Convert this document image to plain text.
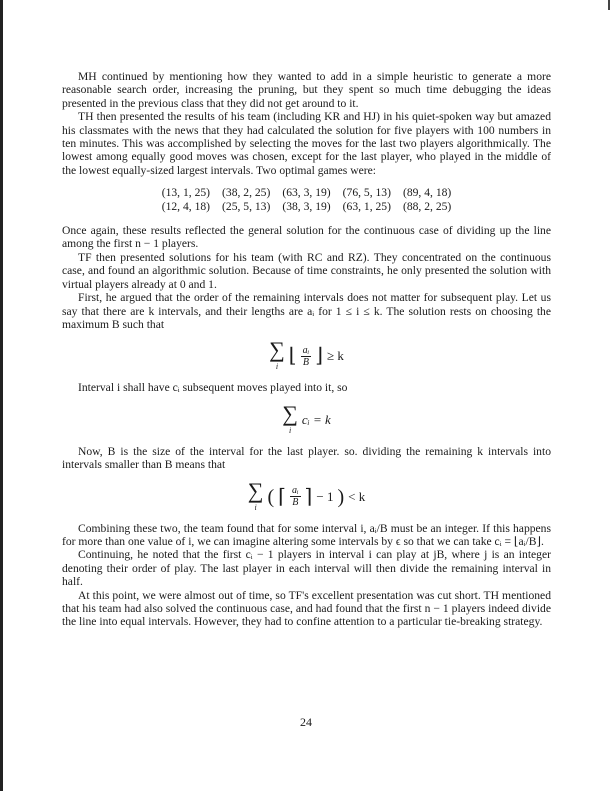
MH continued by mentioning how they wanted to add in a simple heuristic to generate a more reasonable search order, increasing the pruning, but they spent so much time debugging the ideas presented in the previous class that they did not get around to it.

TH then presented the results of his team (including KR and HJ) in his quiet-spoken way but amazed his classmates with the news that they had calculated the solution for five players with 100 numbers in ten minutes. This was accomplished by selecting the moves for the last two players algorithmically. The lowest among equally good moves was chosen, except for the last player, who played in the middle of the lowest equally-sized largest intervals. Two optimal games were:

(13, 1, 25) (38, 2, 25) (63, 3, 19) (76, 5, 13) (89, 4, 18)
(12, 4, 18) (25, 5, 13) (38, 3, 19) (63, 1, 25) (88, 2, 25)

Once again, these results reflected the general solution for the continuous case of dividing up the line among the first n − 1 players.

TF then presented solutions for his team (with RC and RZ). They concentrated on the continuous case, and found an algorithmic solution. Because of time constraints, he only presented the solution with virtual players already at 0 and 1.

First, he argued that the order of the remaining intervals does not matter for subsequent play. Let us say that there are k intervals, and their lengths are aᵢ for 1 ≤ i ≤ k. The solution rests on choosing the maximum B such that

∑
i ⌊ $\frac{\text{aᵢ}}{B}$ ⌋ ≥ k

Interval i shall have cᵢ subsequent moves played into it, so

∑
i
cᵢ = k

Now, B is the size of the interval for the last player. so. dividing the remaining k intervals into intervals smaller than B means that

∑
i ( ⌈ $\frac{\text{aᵢ}}{B}$ ⌉ − 1 ) < k

Combining these two, the team found that for some interval i, aᵢ/B must be an integer. If this happens for more than one value of i, we can imagine altering some intervals by ϵ so that we can take cᵢ = ⌊aᵢ/B⌋.

Continuing, he noted that the first cᵢ − 1 players in interval i can play at jB, where j is an integer denoting their order of play. The last player in each interval will then divide the remaining interval in half.

At this point, we were almost out of time, so TF's excellent presentation was cut short. TH mentioned that his team had also solved the continuous case, and had found that the first n − 1 players indeed divide the line into equal intervals. However, they had to confine attention to a particular tie-breaking strategy.

24
